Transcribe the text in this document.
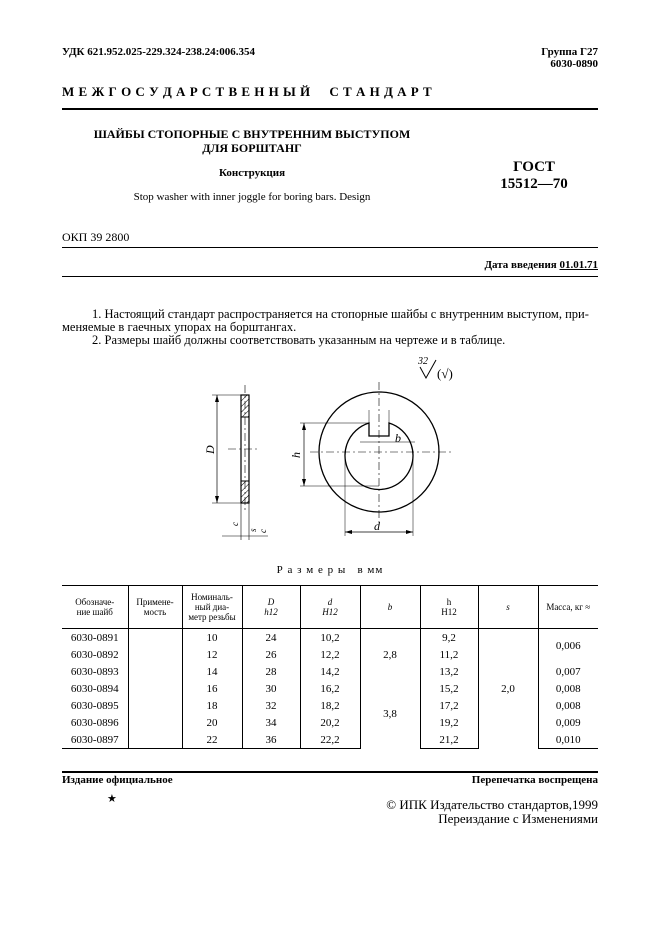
УДК 621.952.025-229.324-238.24:006.354	Группа Г27
6030-0890
М Е Ж Г О С У Д А Р С Т В Е Н Н Ы Й     С Т А Н Д А Р Т
ШАЙБЫ СТОПОРНЫЕ С ВНУТРЕННИМ ВЫСТУПОМ
ДЛЯ БОРШТАНГ
Конструкция
Stop washer with inner joggle for boring bars. Design
ГОСТ
15512—70
ОКП 39 2800
Дата введения 01.01.71
1. Настоящий стандарт распространяется на стопорные шайбы с внутренним выступом, при-
меняемые в гаечных упорах на борштангах.
2. Размеры шайб должны соответствовать указанным на чертеже и в таблице.
32
(√)
D
c
s c
b
h
d
Р а з м е р ы   в мм
Обозначе-
ние шайб	Примене-
мость	Номиналь-
ный диа-
метр резьбы	D
h12	d
H12	b	h
H12	s	Масса, кг ≈
6030-0891		10	24	10,2	2,8	9,2	2,0	0,006
6030-0892		12	26	12,2		11,2		
6030-0893		14	28	14,2		13,2		0,007
6030-0894		16	30	16,2	3,8	15,2		0,008
6030-0895		18	32	18,2		17,2		0,008
6030-0896		20	34	20,2		19,2		0,009
6030-0897		22	36	22,2		21,2		0,010
Издание официальное	Перепечатка воспрещена
★	© ИПК Издательство стандартов,1999
Переиздание с Изменениями
